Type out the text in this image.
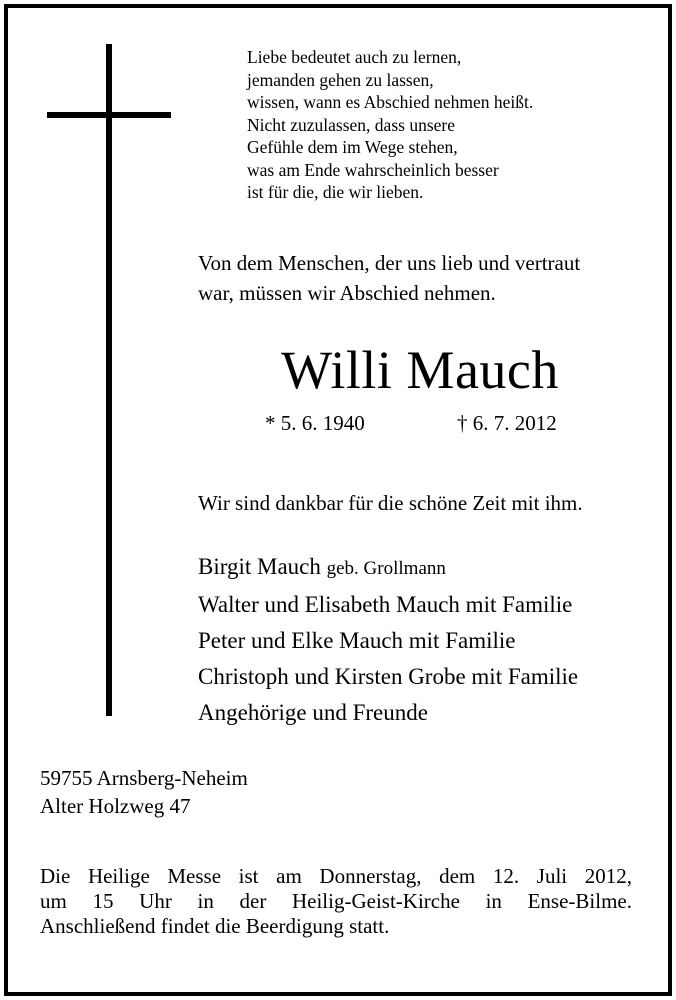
Liebe bedeutet auch zu lernen,
jemanden gehen zu lassen,
wissen, wann es Abschied nehmen heißt.
Nicht zuzulassen, dass unsere
Gefühle dem im Wege stehen,
was am Ende wahrscheinlich besser
ist für die, die wir lieben.
Von dem Menschen, der uns lieb und vertraut
war, müssen wir Abschied nehmen.
Willi Mauch
* 5. 6. 1940	† 6. 7. 2012
Wir sind dankbar für die schöne Zeit mit ihm.
Birgit Mauch geb. Grollmann
Walter und Elisabeth Mauch mit Familie
Peter und Elke Mauch mit Familie
Christoph und Kirsten Grobe mit Familie
Angehörige und Freunde
59755 Arnsberg-Neheim
Alter Holzweg 47
Die Heilige Messe ist am Donnerstag, dem 12. Juli 2012,
um 15 Uhr in der Heilig-Geist-Kirche in Ense-Bilme.
Anschließend findet die Beerdigung statt.
